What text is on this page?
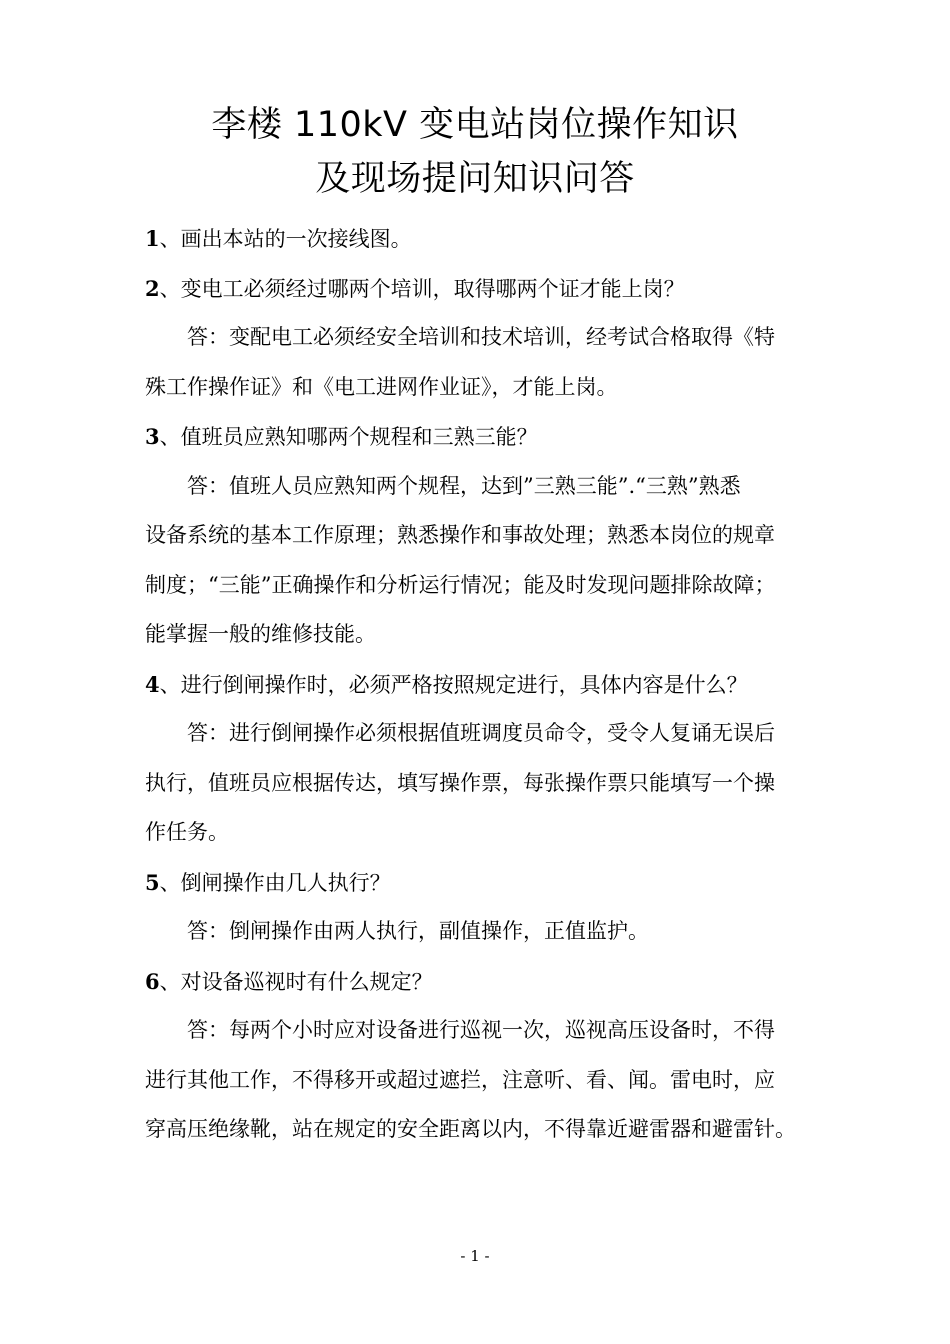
李楼 110kV 变电站岗位操作知识
及现场提问知识问答
1、画出本站的一次接线图。
2、变电工必须经过哪两个培训，取得哪两个证才能上岗？
答：变配电工必须经安全培训和技术培训，经考试合格取得《特
殊工作操作证》和《电工进网作业证》，才能上岗。
3、值班员应熟知哪两个规程和三熟三能？
答：值班人员应熟知两个规程，达到”三熟三能”.“三熟”熟悉
设备系统的基本工作原理；熟悉操作和事故处理；熟悉本岗位的规章
制度；“三能”正确操作和分析运行情况；能及时发现问题排除故障；
能掌握一般的维修技能。
4、进行倒闸操作时，必须严格按照规定进行，具体内容是什么？
答：进行倒闸操作必须根据值班调度员命令，受令人复诵无误后
执行，值班员应根据传达，填写操作票，每张操作票只能填写一个操
作任务。
5、倒闸操作由几人执行？
答：倒闸操作由两人执行，副值操作，正值监护。
6、对设备巡视时有什么规定？
答：每两个小时应对设备进行巡视一次，巡视高压设备时，不得
进行其他工作，不得移开或超过遮拦，注意听、看、闻。雷电时，应
穿高压绝缘靴，站在规定的安全距离以内，不得靠近避雷器和避雷针。
- 1 -
